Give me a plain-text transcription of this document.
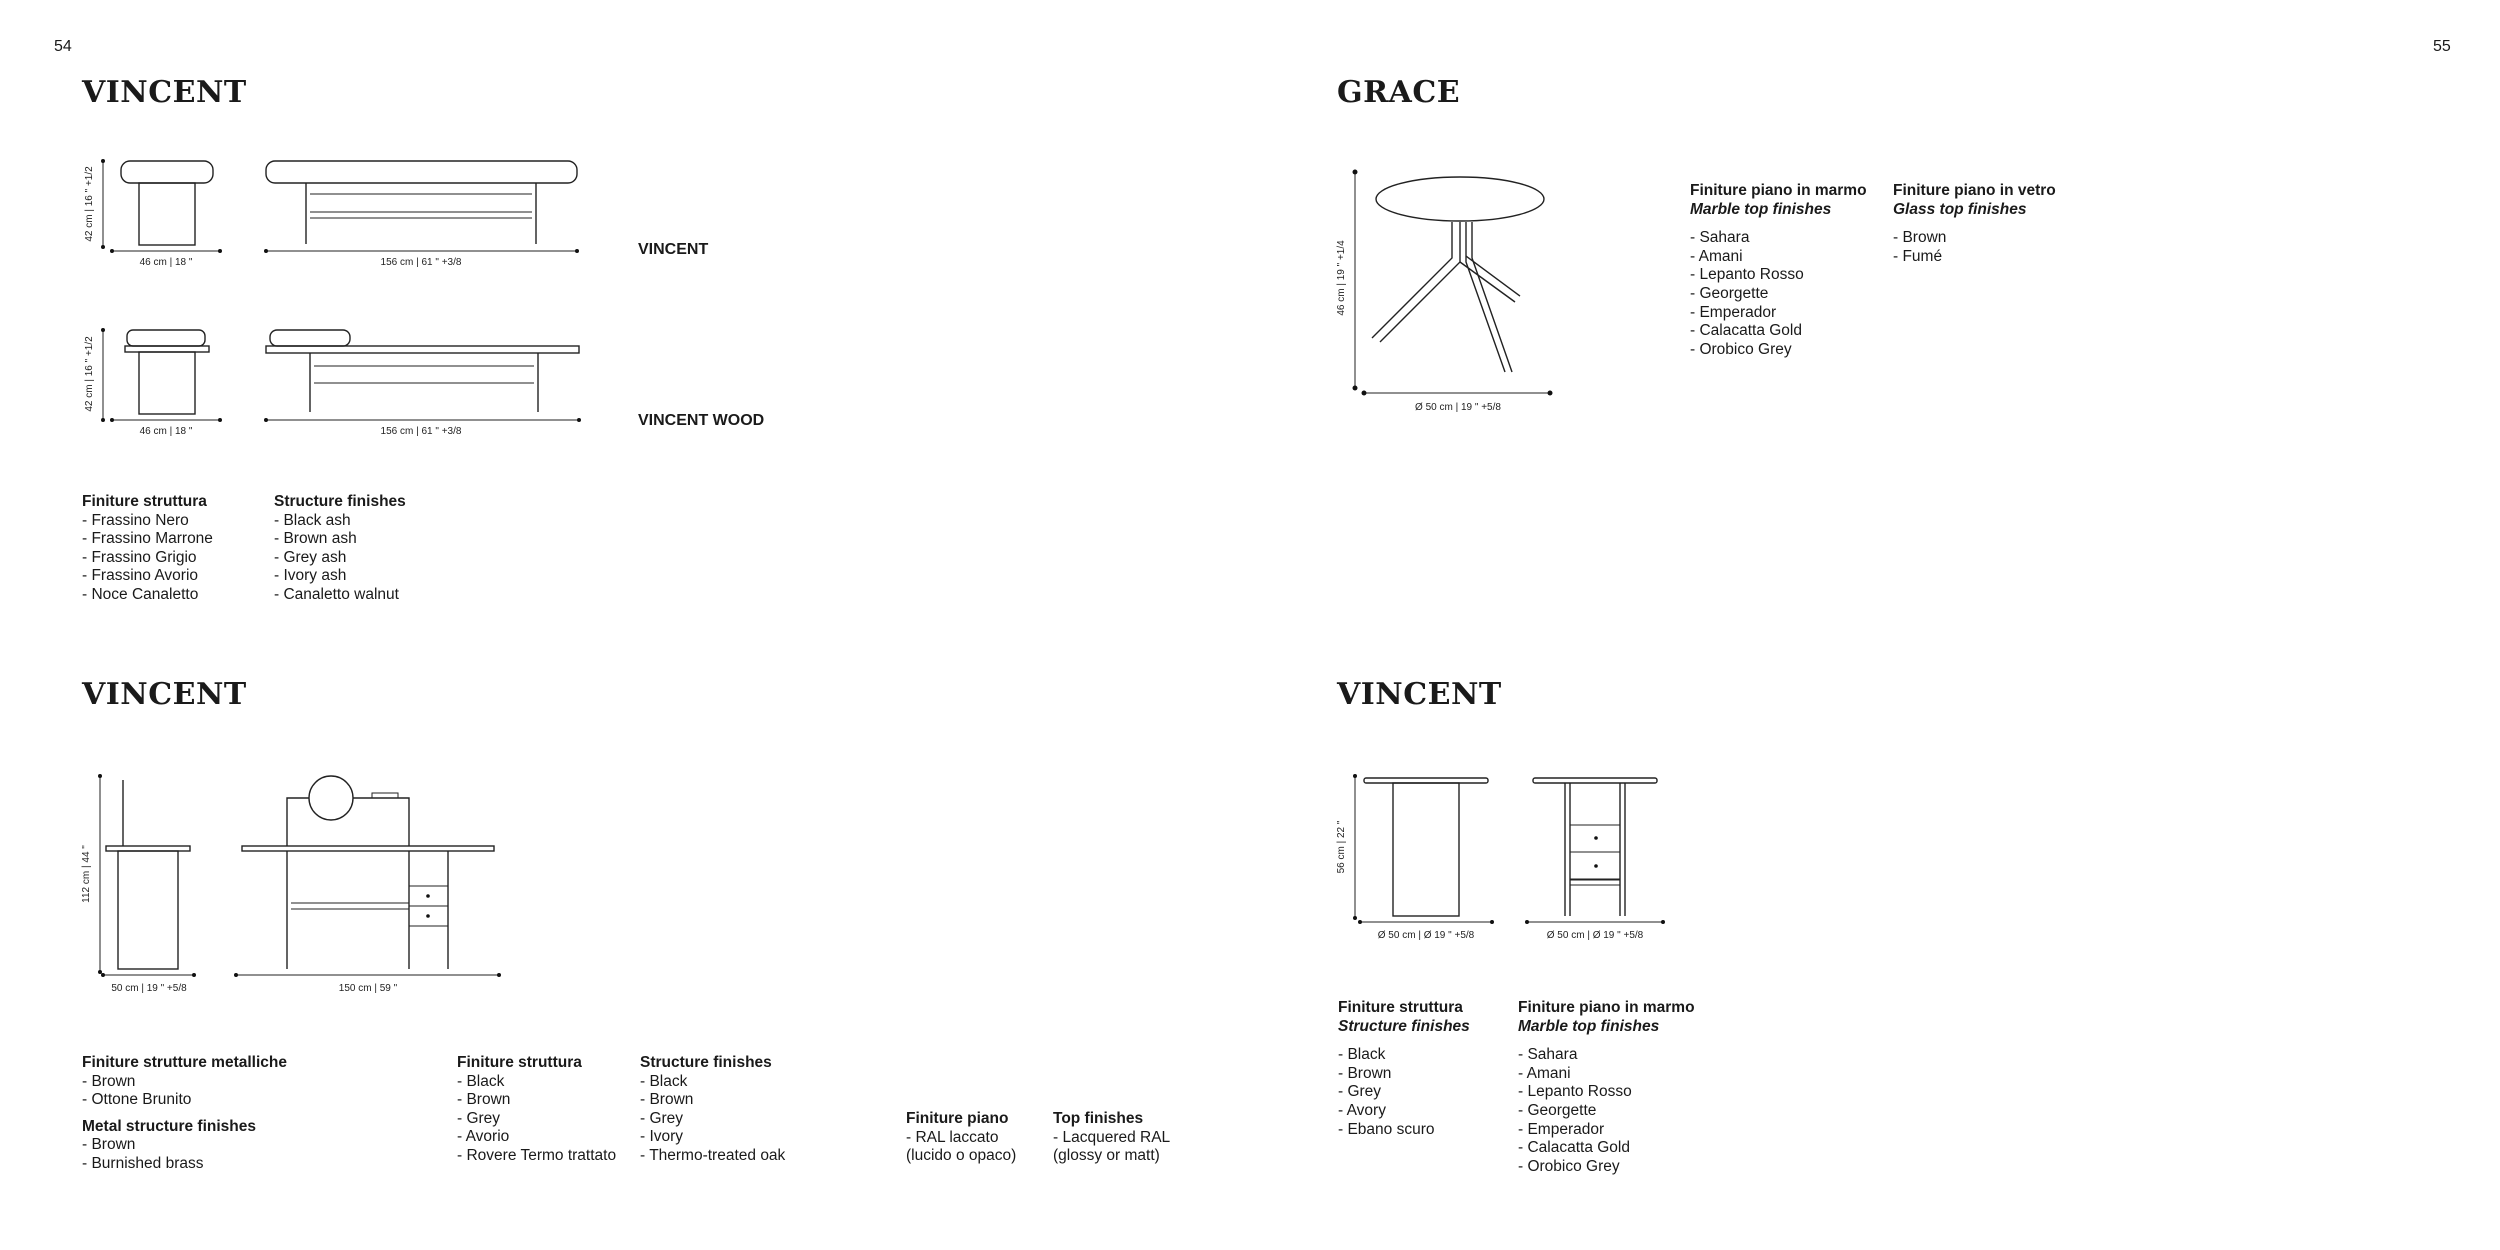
54	55
VINCENT	GRACE
VINCENT	VINCENT
VINCENT
VINCENT WOOD
42 cm | 16 " +1/2
46 cm | 18 "	156 cm | 61 " +3/8
42 cm | 16 " +1/2
46 cm | 18 "	156 cm | 61 " +3/8
46 cm | 19 " +1/4
Ø 50 cm | 19 " +5/8
112 cm | 44 "
50 cm | 19 " +5/8	150 cm | 59 "
56 cm | 22 "
Ø 50 cm | Ø 19 " +5/8	Ø 50 cm | Ø 19 " +5/8
Finiture struttura
- Frassino Nero
- Frassino Marrone
- Frassino Grigio
- Frassino Avorio
- Noce Canaletto
Structure finishes
- Black ash
- Brown ash
- Grey ash
- Ivory ash
- Canaletto walnut
Finiture piano in marmo
Marble top finishes
- Sahara
- Amani
- Lepanto Rosso
- Georgette
- Emperador
- Calacatta Gold
- Orobico Grey
Finiture piano in vetro
Glass top finishes
- Brown
- Fumé
Finiture strutture metalliche
- Brown
- Ottone Brunito
Metal structure finishes
- Brown
- Burnished brass
Finiture struttura
- Black
- Brown
- Grey
- Avorio
- Rovere Termo trattato
Structure finishes
- Black
- Brown
- Grey
- Ivory
- Thermo-treated oak
Finiture piano
- RAL laccato
(lucido o opaco)
Top finishes
- Lacquered RAL
(glossy or matt)
Finiture struttura
Structure finishes
- Black
- Brown
- Grey
- Avory
- Ebano scuro
Finiture piano in marmo
Marble top finishes
- Sahara
- Amani
- Lepanto Rosso
- Georgette
- Emperador
- Calacatta Gold
- Orobico Grey
